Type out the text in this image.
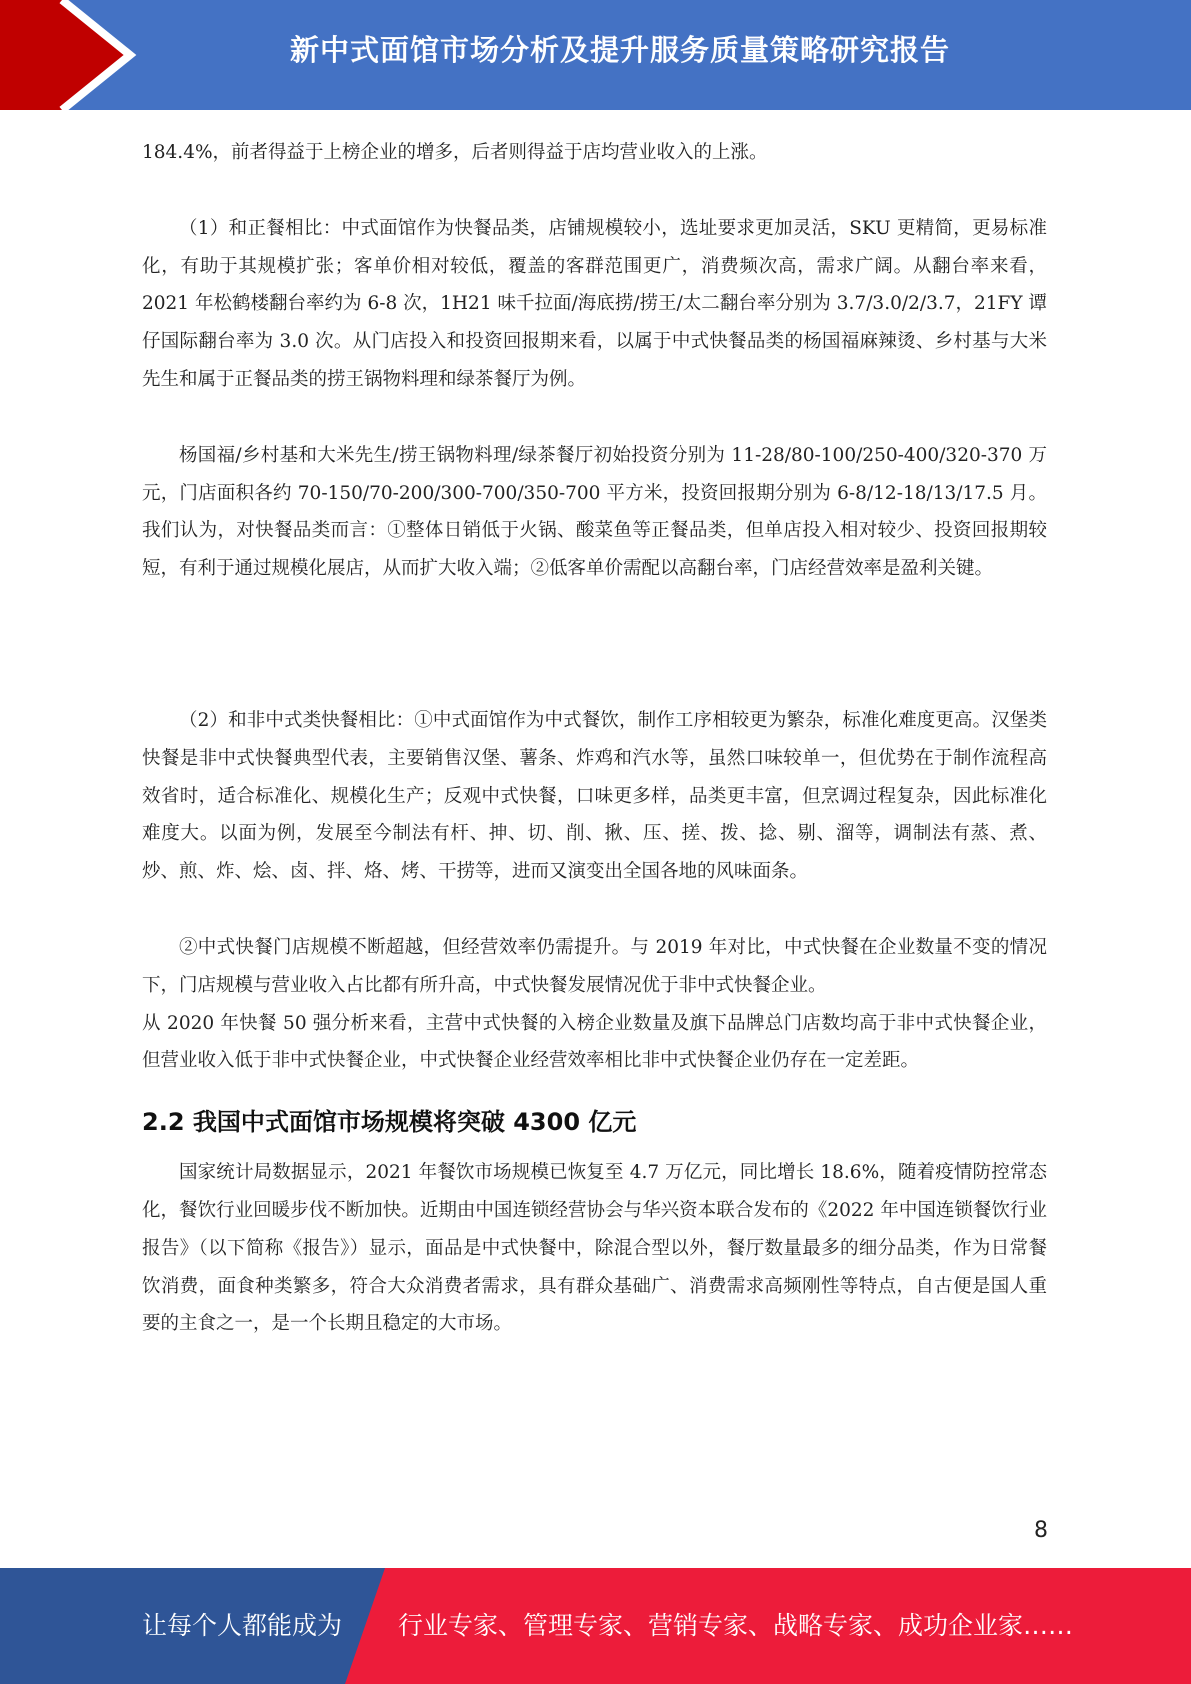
新中式面馆市场分析及提升服务质量策略研究报告

184.4%，前者得益于上榜企业的增多，后者则得益于店均营业收入的上涨。

（1）和正餐相比：中式面馆作为快餐品类，店铺规模较小，选址要求更加灵活，SKU 更精简，更易标准化，有助于其规模扩张；客单价相对较低，覆盖的客群范围更广，消费频次高，需求广阔。从翻台率来看，2021 年松鹤楼翻台率约为 6-8 次，1H21 味千拉面/海底捞/捞王/太二翻台率分别为 3.7/3.0/2/3.7，21FY 谭仔国际翻台率为 3.0 次。从门店投入和投资回报期来看，以属于中式快餐品类的杨国福麻辣烫、乡村基与大米先生和属于正餐品类的捞王锅物料理和绿茶餐厅为例。

杨国福/乡村基和大米先生/捞王锅物料理/绿茶餐厅初始投资分别为 11-28/80-100/250-400/320-370 万元，门店面积各约 70-150/70-200/300-700/350-700 平方米，投资回报期分别为 6-8/12-18/13/17.5 月。我们认为，对快餐品类而言：①整体日销低于火锅、酸菜鱼等正餐品类，但单店投入相对较少、投资回报期较短，有利于通过规模化展店，从而扩大收入端；②低客单价需配以高翻台率，门店经营效率是盈利关键。

（2）和非中式类快餐相比：①中式面馆作为中式餐饮，制作工序相较更为繁杂，标准化难度更高。汉堡类快餐是非中式快餐典型代表，主要销售汉堡、薯条、炸鸡和汽水等，虽然口味较单一，但优势在于制作流程高效省时，适合标准化、规模化生产；反观中式快餐，口味更多样，品类更丰富，但烹调过程复杂，因此标准化难度大。以面为例，发展至今制法有杆、抻、切、削、揪、压、搓、拨、捻、剔、溜等，调制法有蒸、煮、炒、煎、炸、烩、卤、拌、烙、烤、干捞等，进而又演变出全国各地的风味面条。

②中式快餐门店规模不断超越，但经营效率仍需提升。与 2019 年对比，中式快餐在企业数量不变的情况下，门店规模与营业收入占比都有所升高，中式快餐发展情况优于非中式快餐企业。

从 2020 年快餐 50 强分析来看，主营中式快餐的入榜企业数量及旗下品牌总门店数均高于非中式快餐企业，但营业收入低于非中式快餐企业，中式快餐企业经营效率相比非中式快餐企业仍存在一定差距。

2.2 我国中式面馆市场规模将突破 4300 亿元

国家统计局数据显示，2021 年餐饮市场规模已恢复至 4.7 万亿元，同比增长 18.6%，随着疫情防控常态化，餐饮行业回暖步伐不断加快。近期由中国连锁经营协会与华兴资本联合发布的《2022 年中国连锁餐饮行业报告》（以下简称《报告》）显示，面品是中式快餐中，除混合型以外，餐厅数量最多的细分品类，作为日常餐饮消费，面食种类繁多，符合大众消费者需求，具有群众基础广、消费需求高频刚性等特点，自古便是国人重要的主食之一，是一个长期且稳定的大市场。

8
让每个人都能成为 行业专家、管理专家、营销专家、战略专家、成功企业家……
